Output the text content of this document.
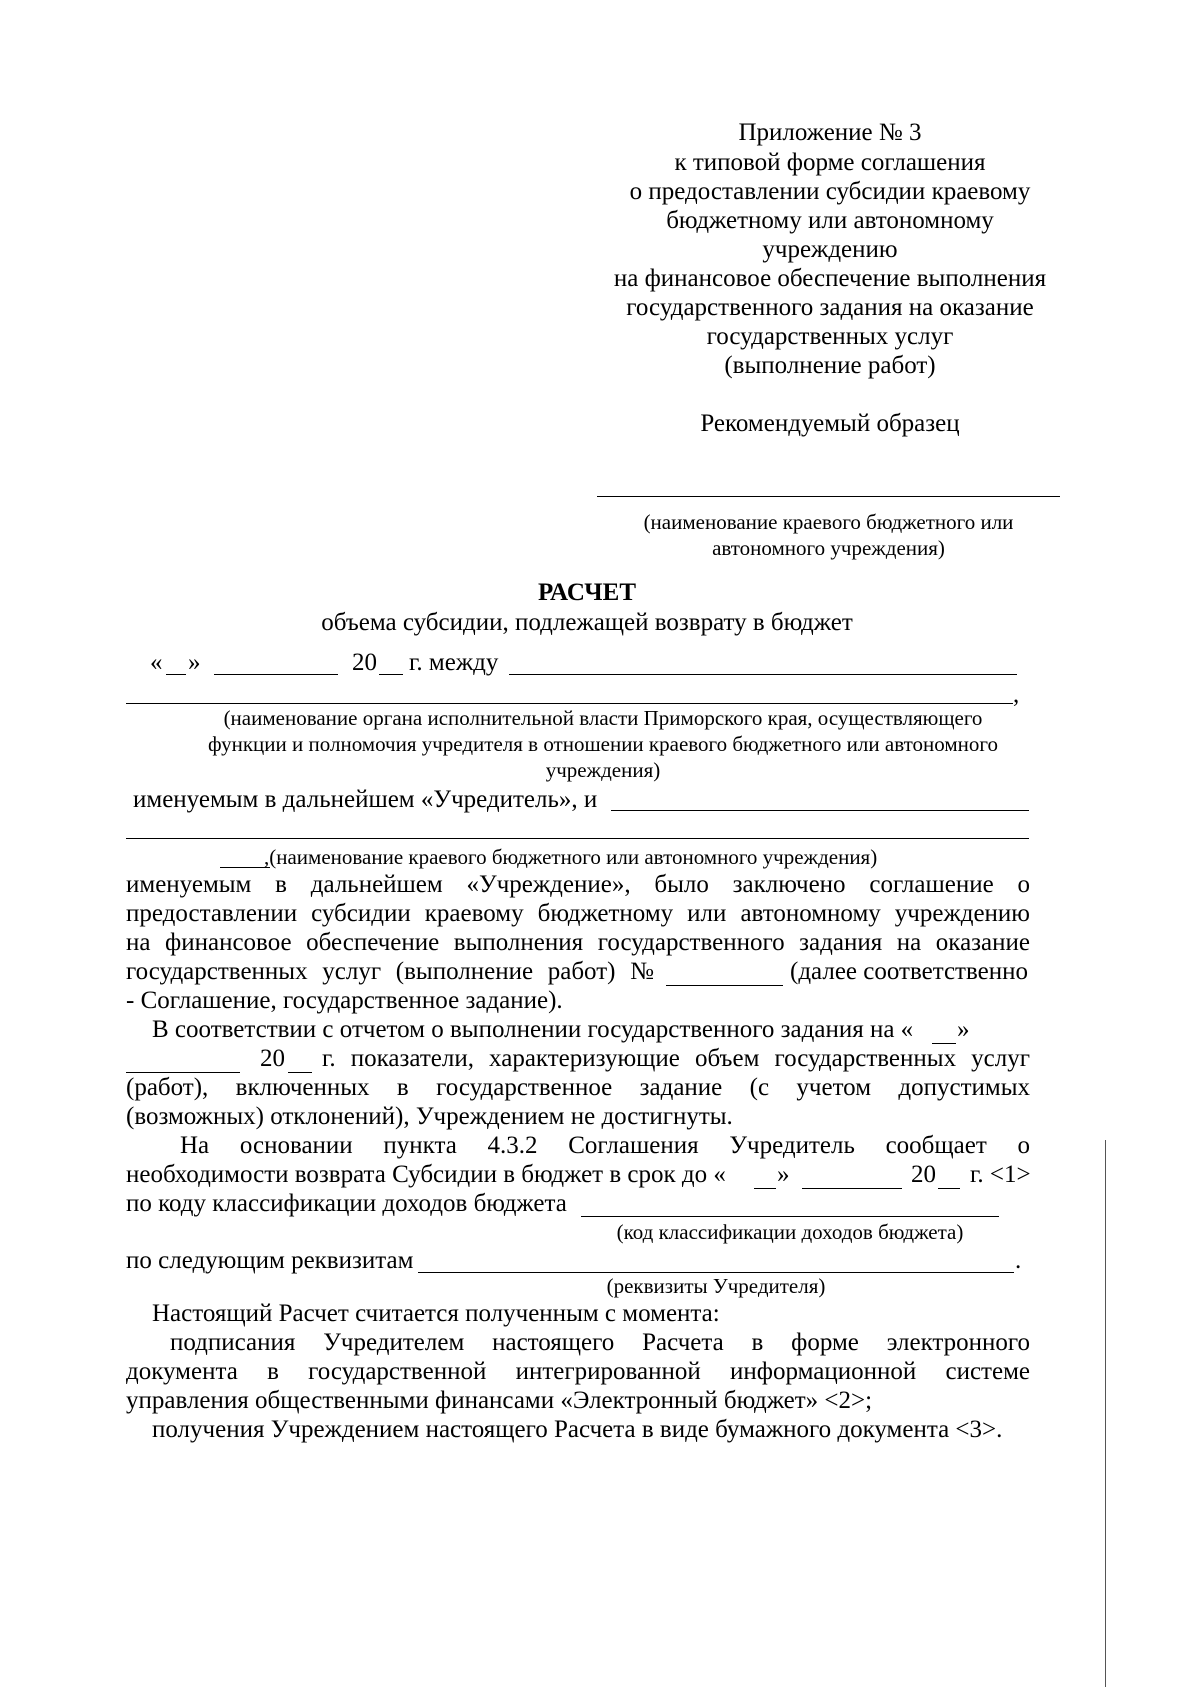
Приложение № 3
к типовой форме соглашения
о предоставлении субсидии краевому
бюджетному или автономному
учреждению
на финансовое обеспечение выполнения
государственного задания на оказание
государственных услуг
(выполнение работ)
Рекомендуемый образец
(наименование краевого бюджетного или
автономного учреждения)
РАСЧЕТ
объема субсидии, подлежащей возврату в бюджет
« »	20 г. между
,
(наименование органа исполнительной власти Приморского края, осуществляющего
функции и полномочия учредителя в отношении краевого бюджетного или автономного
учреждения)
именуемым в дальнейшем «Учредитель», и
,(наименование краевого бюджетного или автономного учреждения)
именуемым в дальнейшем «Учреждение», было заключено соглашение о
предоставлении субсидии краевому бюджетному или автономному учреждению
на финансовое обеспечение выполнения государственного задания на оказание
государственных услуг (выполнение работ) №	(далее соответственно
- Соглашение, государственное задание).
В соответствии с отчетом о выполнении государственного задания на « »
20 г. показатели, характеризующие объем государственных услуг
(работ), включенных в государственное задание (с учетом допустимых
(возможных) отклонений), Учреждением не достигнуты.
На основании пункта 4.3.2 Соглашения Учредитель сообщает о
необходимости возврата Субсидии в бюджет в срок до « »	20 г. <1>
по коду классификации доходов бюджета
(код классификации доходов бюджета)
по следующим реквизитам	.
(реквизиты Учредителя)
Настоящий Расчет считается полученным с момента:
подписания Учредителем настоящего Расчета в форме электронного
документа в государственной интегрированной информационной системе
управления общественными финансами «Электронный бюджет» <2>;
получения Учреждением настоящего Расчета в виде бумажного документа <3>.
